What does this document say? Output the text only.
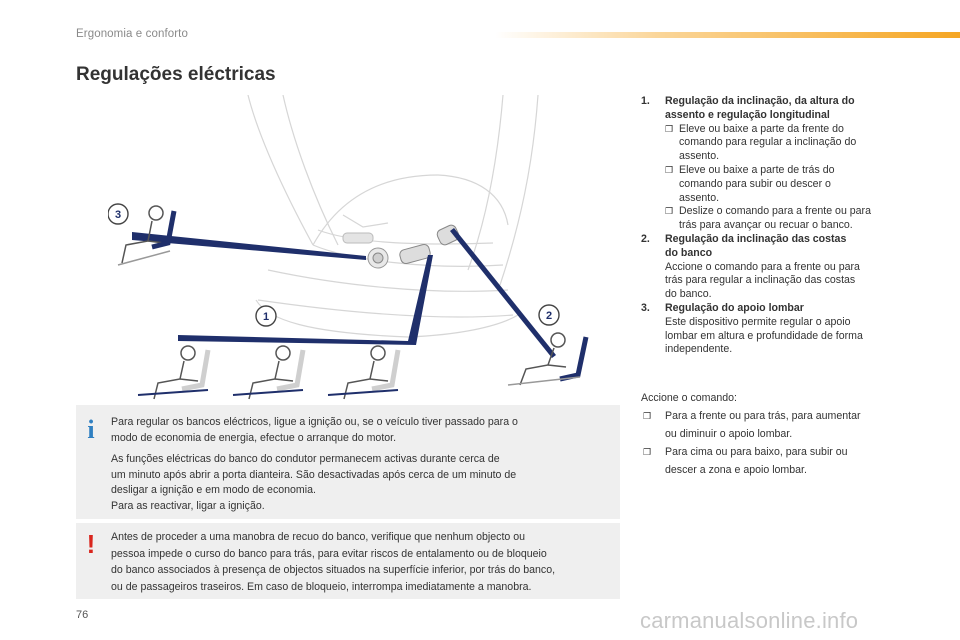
Ergonomia e conforto
Regulações eléctricas
3
1	2
1. Regulação da inclinação, da altura do
assento e regulação longitudinal
❒ Eleve ou baixe a parte da frente do
comando para regular a inclinação do
assento.
❒ Eleve ou baixe a parte de trás do
comando para subir ou descer o
assento.
❒ Deslize o comando para a frente ou para
trás para avançar ou recuar o banco.
2. Regulação da inclinação das costas
do banco
Accione o comando para a frente ou para
trás para regular a inclinação das costas
do banco.
3. Regulação do apoio lombar
Este dispositivo permite regular o apoio
lombar em altura e profundidade de forma
independente.
Accione o comando:
❒ Para a frente ou para trás, para aumentar
ou diminuir o apoio lombar.
❒ Para cima ou para baixo, para subir ou
descer a zona e apoio lombar.
i	Para regular os bancos eléctricos, ligue a ignição ou, se o veículo tiver passado para o
modo de economia de energia, efectue o arranque do motor.

As funções eléctricas do banco do condutor permanecem activas durante cerca de
um minuto após abrir a porta dianteira. São desactivadas após cerca de um minuto de
desligar a ignição e em modo de economia.
Para as reactivar, ligar a ignição.

! Antes de proceder a uma manobra de recuo do banco, verifique que nenhum objecto ou
pessoa impede o curso do banco para trás, para evitar riscos de entalamento ou de bloqueio
do banco associados à presença de objectos situados na superfície inferior, por trás do banco,
ou de passageiros traseiros. Em caso de bloqueio, interrompa imediatamente a manobra.
76	carmanualsonline.info
